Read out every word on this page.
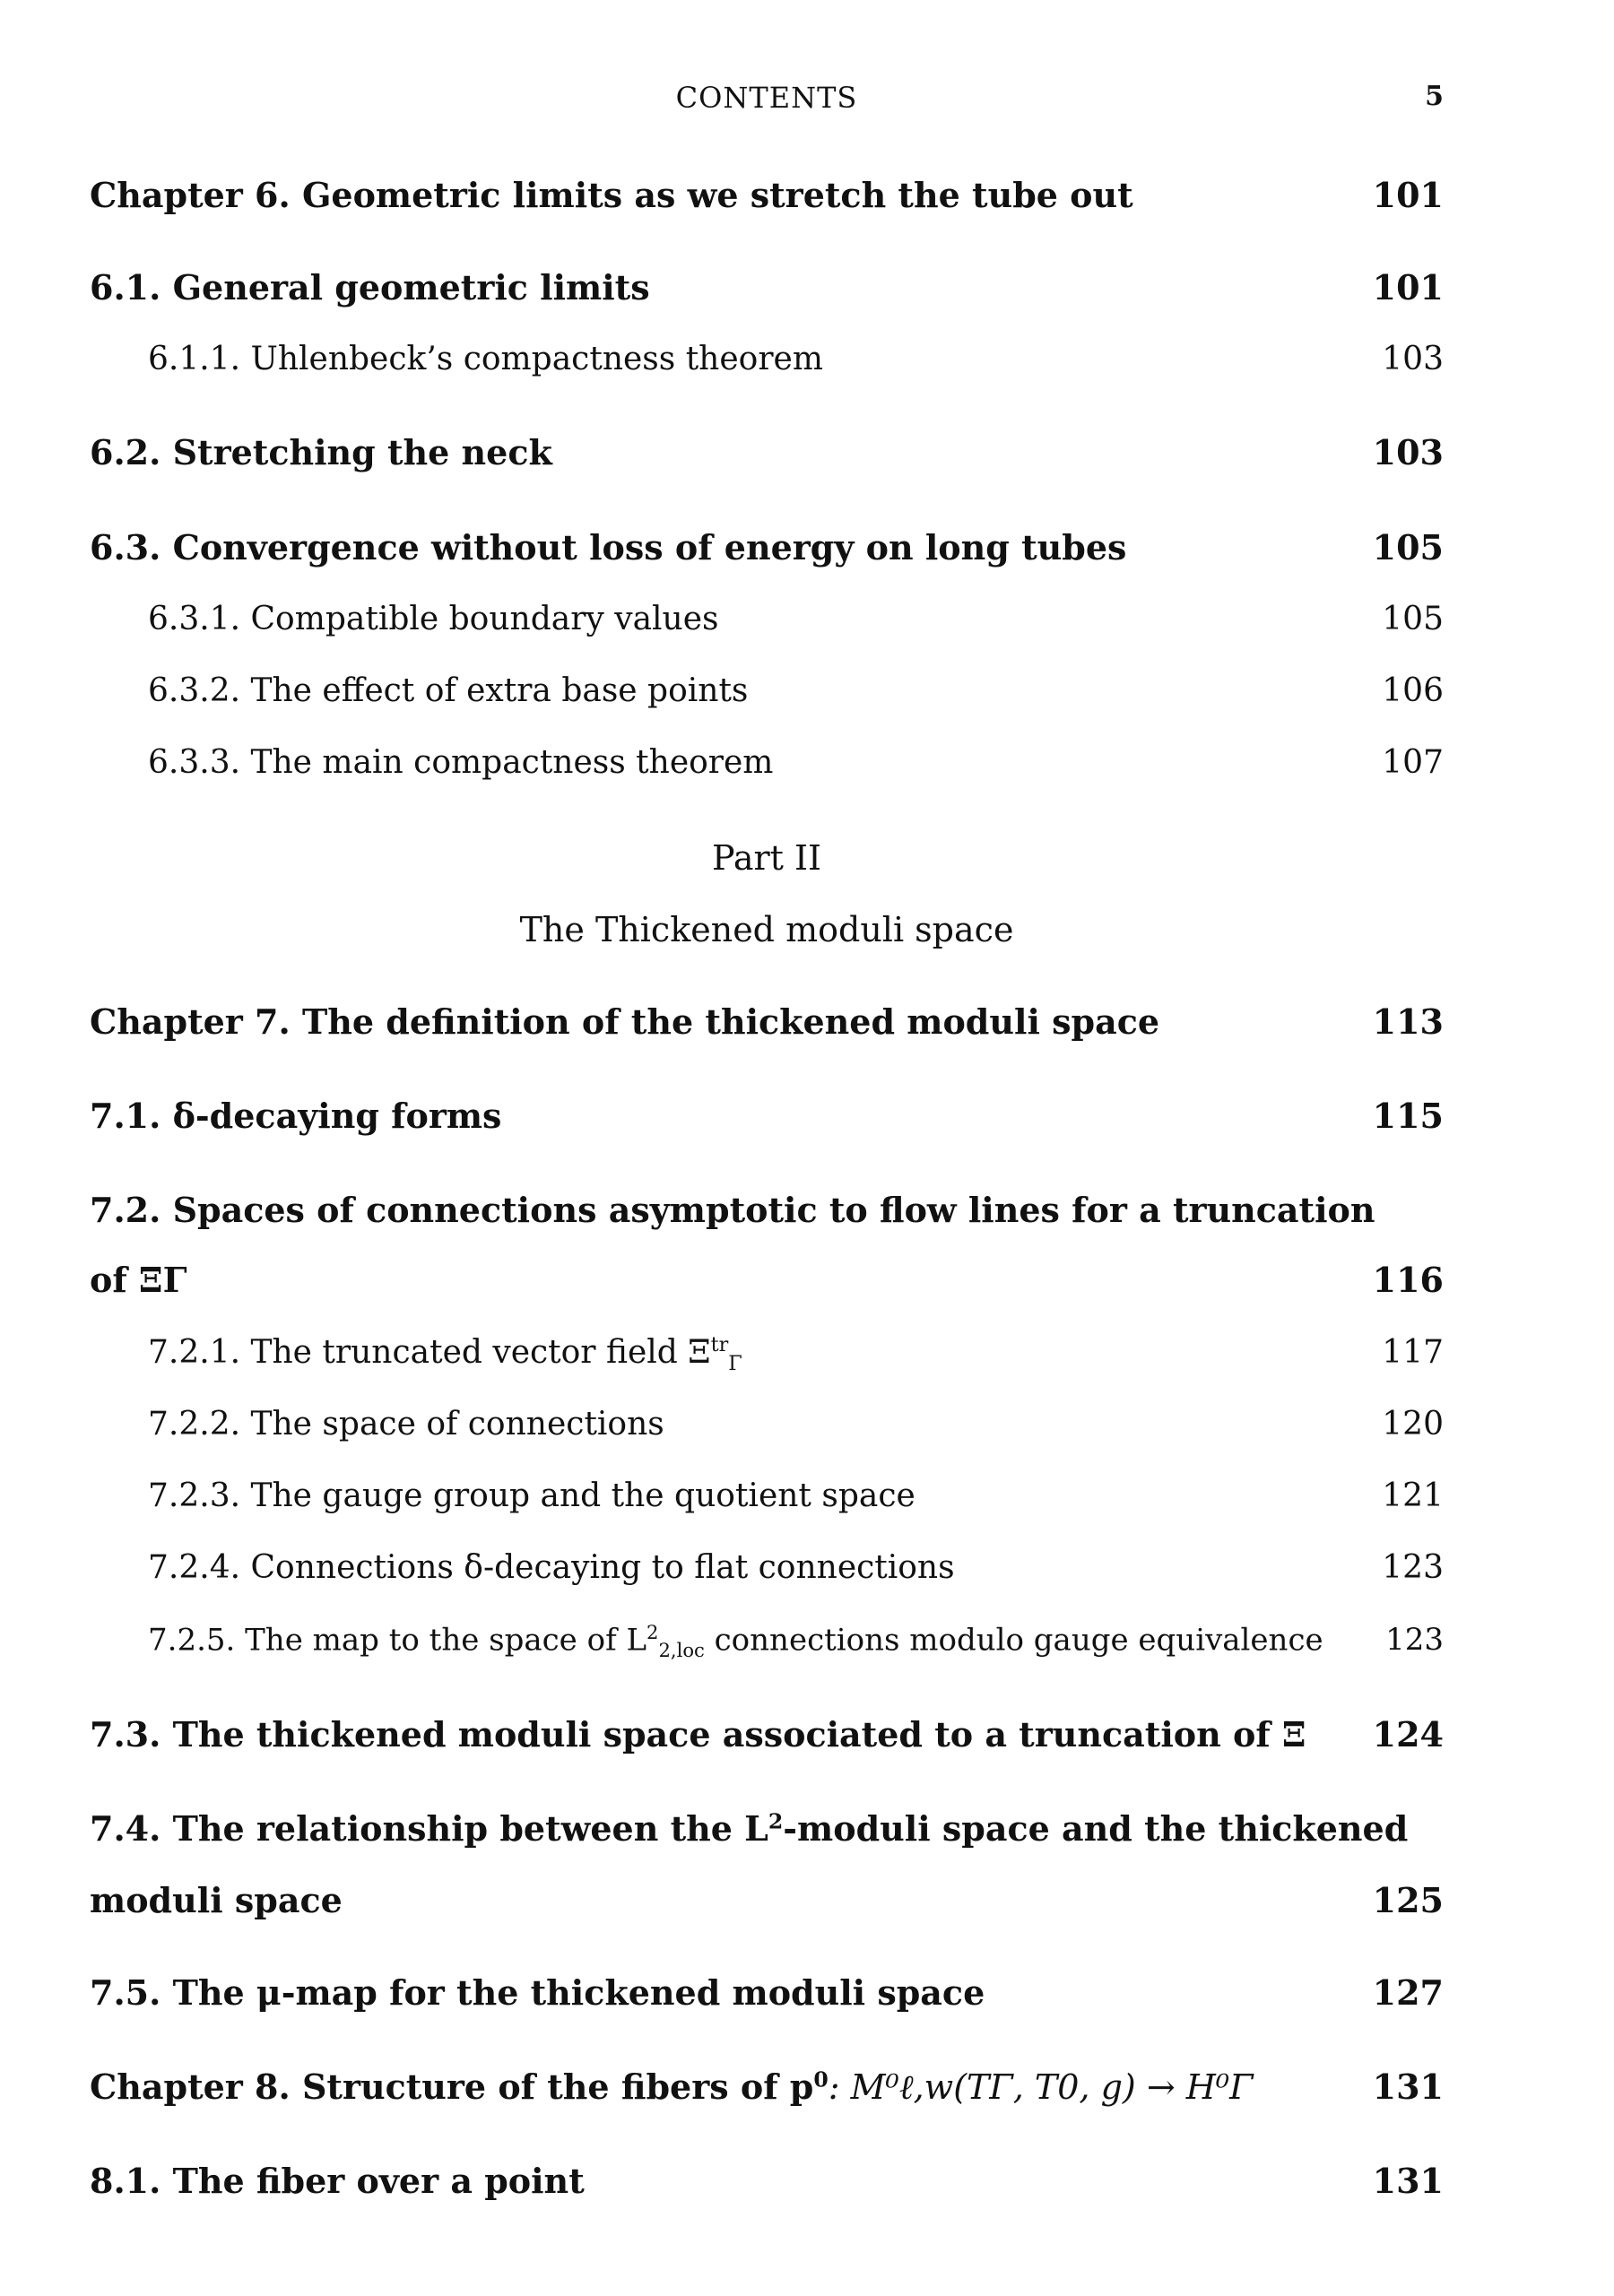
CONTENTS	5
Chapter 6. Geometric limits as we stretch the tube out	101
6.1. General geometric limits	101
6.1.1. Uhlenbeck’s compactness theorem	103
6.2. Stretching the neck	103
6.3. Convergence without loss of energy on long tubes	105
6.3.1. Compatible boundary values	105
6.3.2. The effect of extra base points	106
6.3.3. The main compactness theorem	107
Part II
The Thickened moduli space
Chapter 7. The definition of the thickened moduli space	113
7.1. δ-decaying forms	115
7.2. Spaces of connections asymptotic to flow lines for a truncation
of ΞΓ	116
7.2.1. The truncated vector field $\Xi^{tr}_\Gamma$	117
7.2.2. The space of connections	120
7.2.3. The gauge group and the quotient space	121
7.2.4. Connections δ-decaying to flat connections	123
7.2.5. The map to the space of $L^2_{2,loc}$ connections modulo gauge equivalence 123
7.3. The thickened moduli space associated to a truncation of Ξ 124
7.4. The relationship between the $L^2$-moduli space and the thickened
moduli space	125
7.5. The μ-map for the thickened moduli space	127
Chapter 8. Structure of the fibers of $p^0$: M⁰ℓ,w(TΓ, T0, g) → H⁰Γ	131
8.1. The fiber over a point	131
